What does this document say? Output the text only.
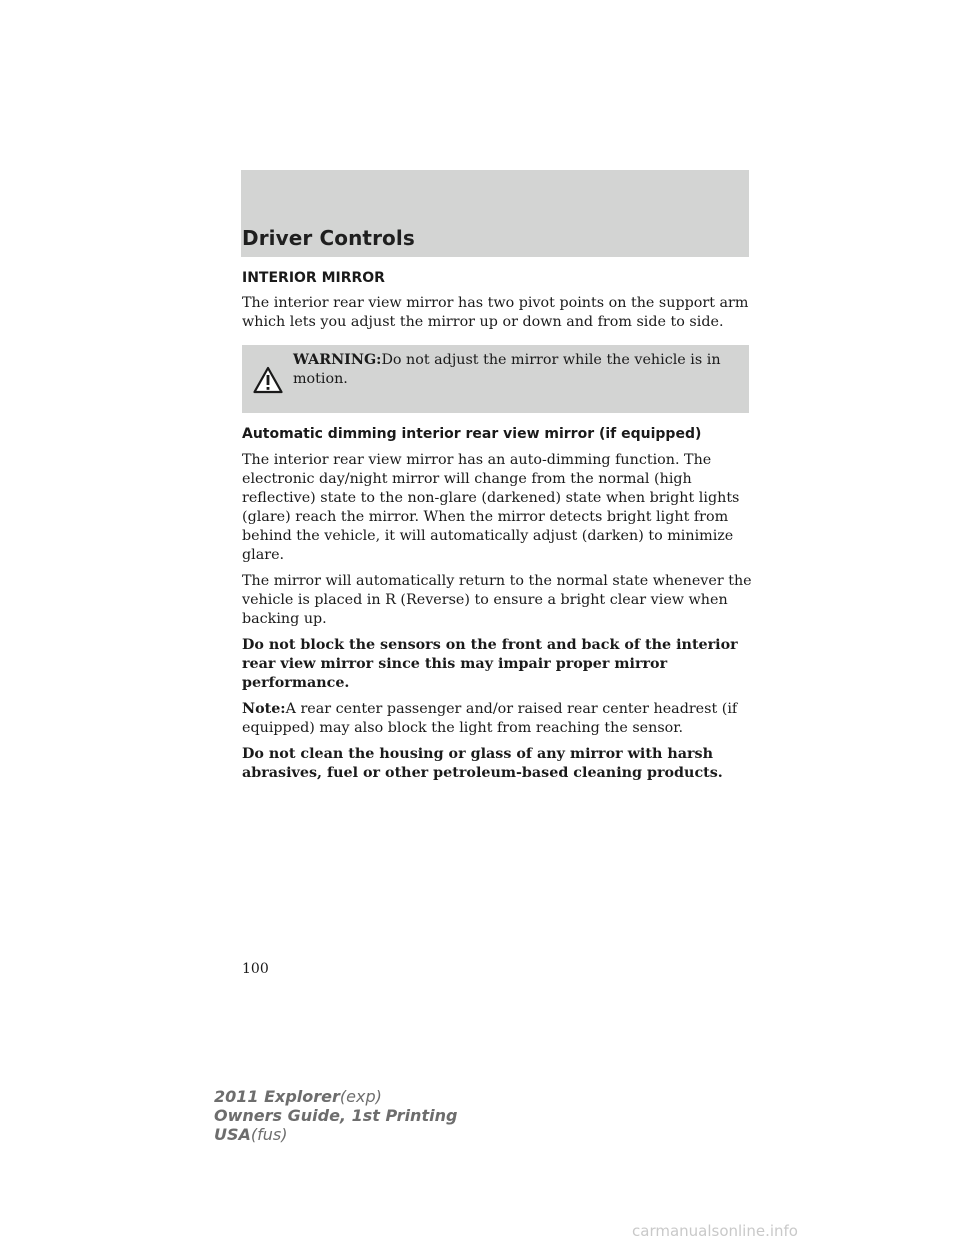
Driver Controls

INTERIOR MIRROR

The interior rear view mirror has two pivot points on the support arm which lets you adjust the mirror up or down and from side to side.

WARNING:Do not adjust the mirror while the vehicle is in motion.

Automatic dimming interior rear view mirror (if equipped)

The interior rear view mirror has an auto-dimming function. The electronic day/night mirror will change from the normal (high reflective) state to the non-glare (darkened) state when bright lights (glare) reach the mirror. When the mirror detects bright light from behind the vehicle, it will automatically adjust (darken) to minimize glare.

The mirror will automatically return to the normal state whenever the vehicle is placed in R (Reverse) to ensure a bright clear view when backing up.

Do not block the sensors on the front and back of the interior rear view mirror since this may impair proper mirror performance.

Note:A rear center passenger and/or raised rear center headrest (if equipped) may also block the light from reaching the sensor.

Do not clean the housing or glass of any mirror with harsh abrasives, fuel or other petroleum-based cleaning products.

100
2011 Explorer(exp)
Owners Guide, 1st Printing
USA(fus)
carmanualsonline.info
